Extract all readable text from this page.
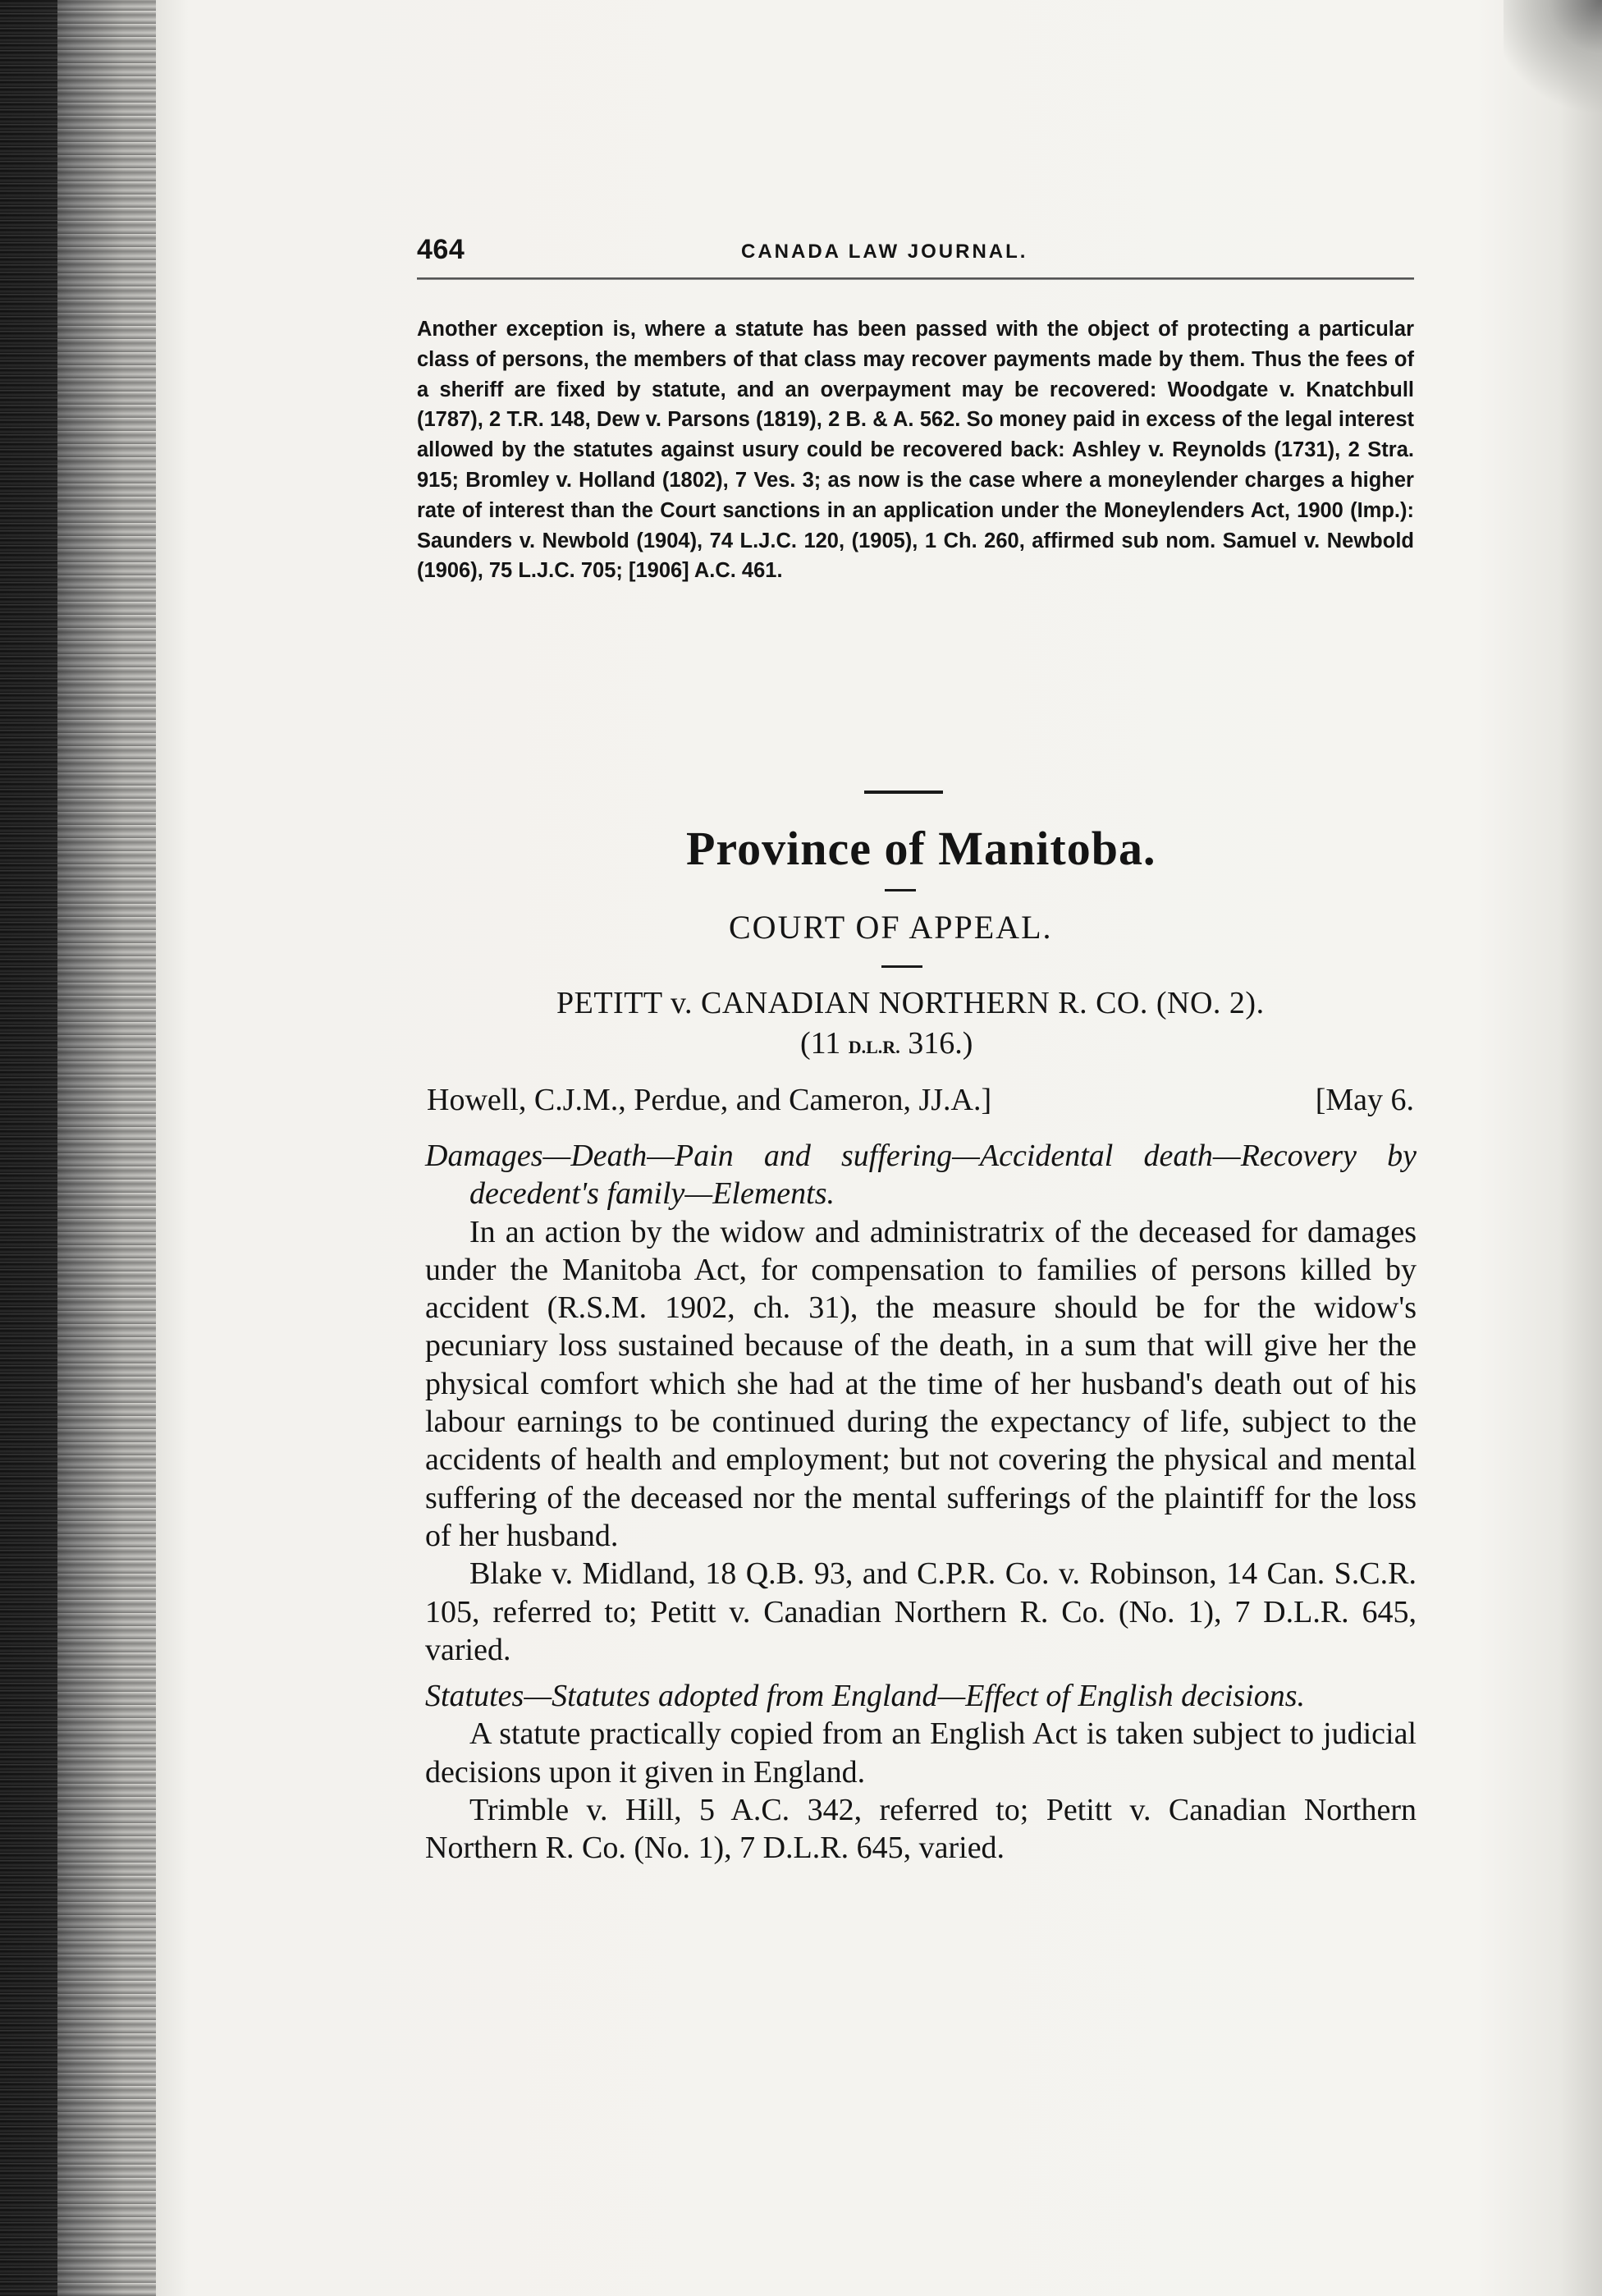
464	CANADA LAW JOURNAL.

Another exception is, where a statute has been passed with the object of protecting a particular class of persons, the members of that class may recover payments made by them. Thus the fees of a sheriff are fixed by statute, and an overpayment may be recovered: Woodgate v. Knatchbull (1787), 2 T.R. 148, Dew v. Parsons (1819), 2 B. & A. 562. So money paid in excess of the legal interest allowed by the statutes against usury could be recovered back: Ashley v. Reynolds (1731), 2 Stra. 915; Bromley v. Holland (1802), 7 Ves. 3; as now is the case where a moneylender charges a higher rate of interest than the Court sanctions in an application under the Moneylenders Act, 1900 (Imp.): Saunders v. Newbold (1904), 74 L.J.C. 120, (1905), 1 Ch. 260, affirmed sub nom. Samuel v. Newbold (1906), 75 L.J.C. 705; [1906] A.C. 461.

Province of Manitoba.
COURT OF APPEAL.
PETITT v. CANADIAN NORTHERN R. CO. (NO. 2).
(11 D.L.R. 316.)
Howell, C.J.M., Perdue, and Cameron, JJ.A.]	[May 6.

Damages—Death—Pain and suffering—Accidental death—Recovery by decedent's family—Elements.

In an action by the widow and administratrix of the deceased for damages under the Manitoba Act, for compensation to families of persons killed by accident (R.S.M. 1902, ch. 31), the measure should be for the widow's pecuniary loss sustained because of the death, in a sum that will give her the physical comfort which she had at the time of her husband's death out of his labour earnings to be continued during the expectancy of life, subject to the accidents of health and employment; but not covering the physical and mental suffering of the deceased nor the mental sufferings of the plaintiff for the loss of her husband.

Blake v. Midland, 18 Q.B. 93, and C.P.R. Co. v. Robinson, 14 Can. S.C.R. 105, referred to; Petitt v. Canadian Northern R. Co. (No. 1), 7 D.L.R. 645, varied.

Statutes—Statutes adopted from England—Effect of English decisions.

A statute practically copied from an English Act is taken subject to judicial decisions upon it given in England.

Trimble v. Hill, 5 A.C. 342, referred to; Petitt v. Canadian Northern Northern R. Co. (No. 1), 7 D.L.R. 645, varied.
